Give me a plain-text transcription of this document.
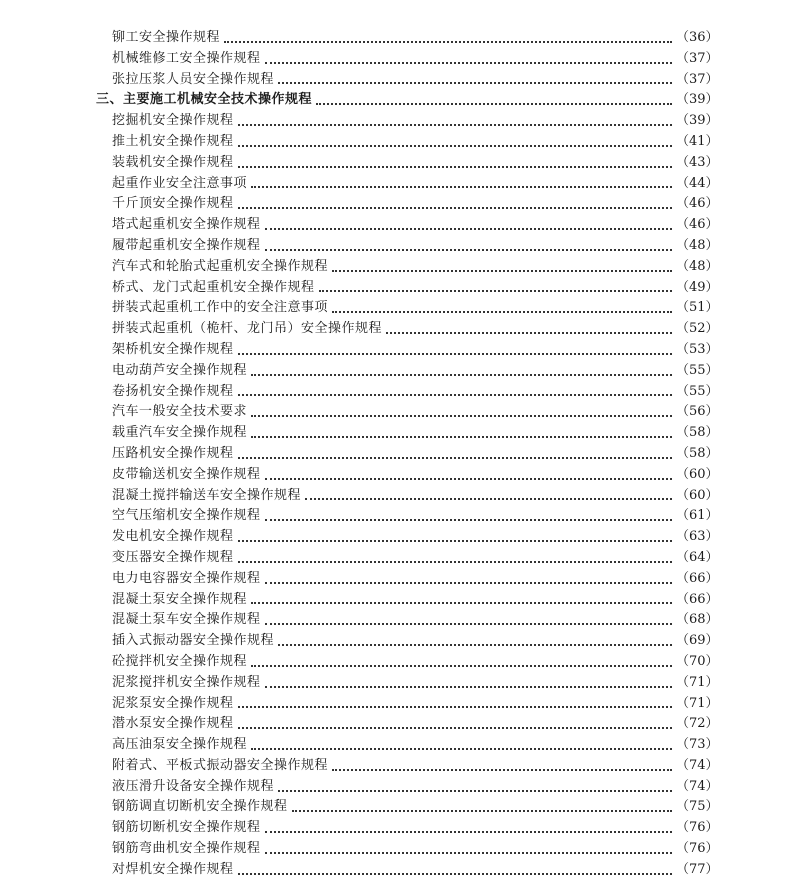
铆工安全操作规程	（36）
机械维修工安全操作规程	（37）
张拉压浆人员安全操作规程	（37）
三、主要施工机械安全技术操作规程	（39）
挖掘机安全操作规程	（39）
推土机安全操作规程	（41）
装载机安全操作规程	（43）
起重作业安全注意事项	（44）
千斤顶安全操作规程	（46）
塔式起重机安全操作规程	（46）
履带起重机安全操作规程	（48）
汽车式和轮胎式起重机安全操作规程	（48）
桥式、龙门式起重机安全操作规程	（49）
拼装式起重机工作中的安全注意事项	（51）
拼装式起重机（桅杆、龙门吊）安全操作规程	（52）
架桥机安全操作规程	（53）
电动葫芦安全操作规程	（55）
卷扬机安全操作规程	（55）
汽车一般安全技术要求	（56）
载重汽车安全操作规程	（58）
压路机安全操作规程	（58）
皮带输送机安全操作规程	（60）
混凝土搅拌输送车安全操作规程	（60）
空气压缩机安全操作规程	（61）
发电机安全操作规程	（63）
变压器安全操作规程	（64）
电力电容器安全操作规程	（66）
混凝土泵安全操作规程	（66）
混凝土泵车安全操作规程	（68）
插入式振动器安全操作规程	（69）
砼搅拌机安全操作规程	（70）
泥浆搅拌机安全操作规程	（71）
泥浆泵安全操作规程	（71）
潜水泵安全操作规程	（72）
高压油泵安全操作规程	（73）
附着式、平板式振动器安全操作规程	（74）
液压滑升设备安全操作规程	（74）
钢筋调直切断机安全操作规程	（75）
钢筋切断机安全操作规程	（76）
钢筋弯曲机安全操作规程	（76）
对焊机安全操作规程	（77）
